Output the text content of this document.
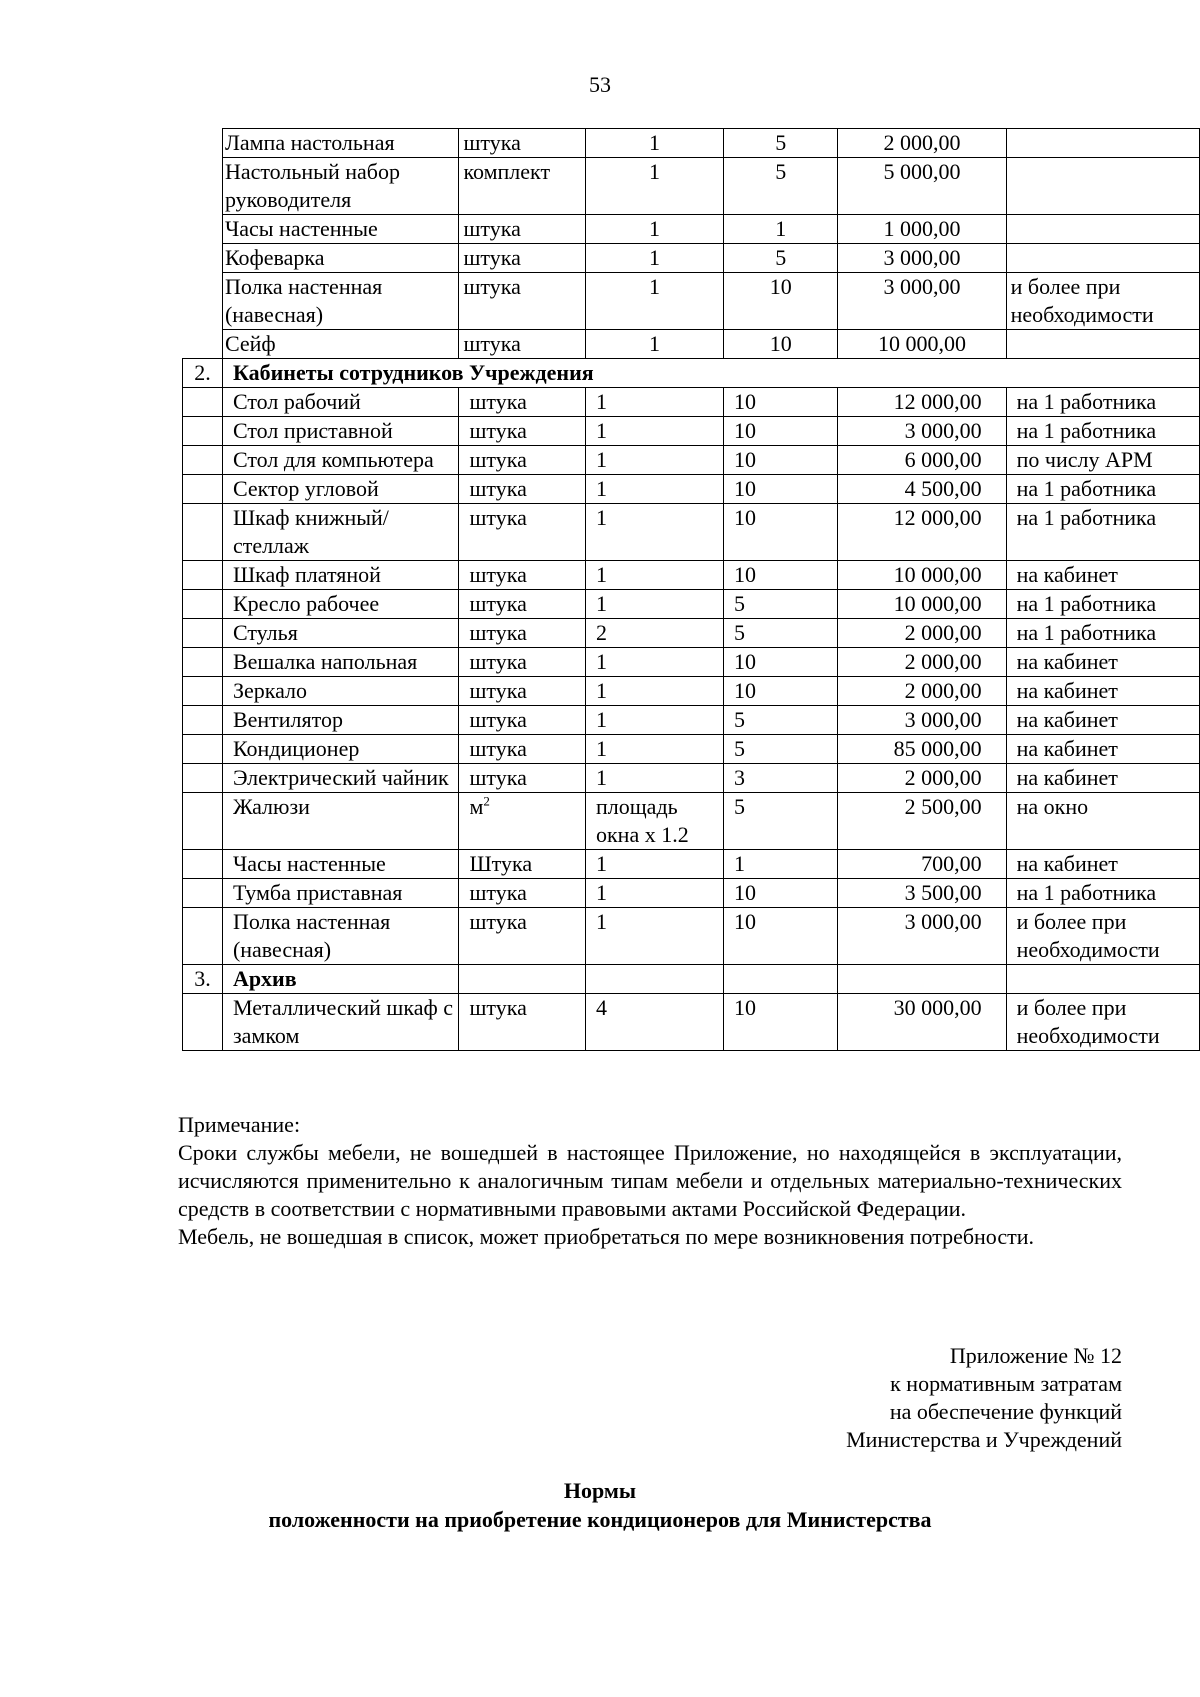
53
	Лампа настольная	штука	1	5	2 000,00	
	Настольный набор руководителя	комплект	1	5	5 000,00	
	Часы настенные	штука	1	1	1 000,00	
	Кофеварка	штука	1	5	3 000,00	
	Полка настенная (навесная)	штука	1	10	3 000,00	и более при необходимости
	Сейф	штука	1	10	10 000,00	
2.	Кабинеты сотрудников Учреждения					
	Стол рабочий	штука	1	10	12 000,00	на 1 работника
	Стол приставной	штука	1	10	3 000,00	на 1 работника
	Стол для компьютера	штука	1	10	6 000,00	по числу АРМ
	Сектор угловой	штука	1	10	4 500,00	на 1 работника
	Шкаф книжный/стеллаж	штука	1	10	12 000,00	на 1 работника
	Шкаф платяной	штука	1	10	10 000,00	на кабинет
	Кресло рабочее	штука	1	5	10 000,00	на 1 работника
	Стулья	штука	2	5	2 000,00	на 1 работника
	Вешалка напольная	штука	1	10	2 000,00	на кабинет
	Зеркало	штука	1	10	2 000,00	на кабинет
	Вентилятор	штука	1	5	3 000,00	на кабинет
	Кондиционер	штука	1	5	85 000,00	на кабинет
	Электрический чайник	штука	1	3	2 000,00	на кабинет
	Жалюзи	$м^2$	площадь окна х 1.2	5	2 500,00	на окно
	Часы настенные	Штука	1	1	700,00	на кабинет
	Тумба приставная	штука	1	10	3 500,00	на 1 работника
	Полка настенная (навесная)	штука	1	10	3 000,00	и более при необходимости
3.	Архив					
	Металлический шкаф с замком	штука	4	10	30 000,00	и более при необходимости

Примечание:

Сроки службы мебели, не вошедшей в настоящее Приложение, но находящейся в эксплуатации, исчисляются применительно к аналогичным типам мебели и отдельных материально-технических средств в соответствии с нормативными правовыми актами Российской Федерации.

Мебель, не вошедшая в список, может приобретаться по мере возникновения потребности.

Приложение № 12
к нормативным затратам
на обеспечение функций
Министерства и Учреждений
Нормы
положенности на приобретение кондиционеров для Министерства
